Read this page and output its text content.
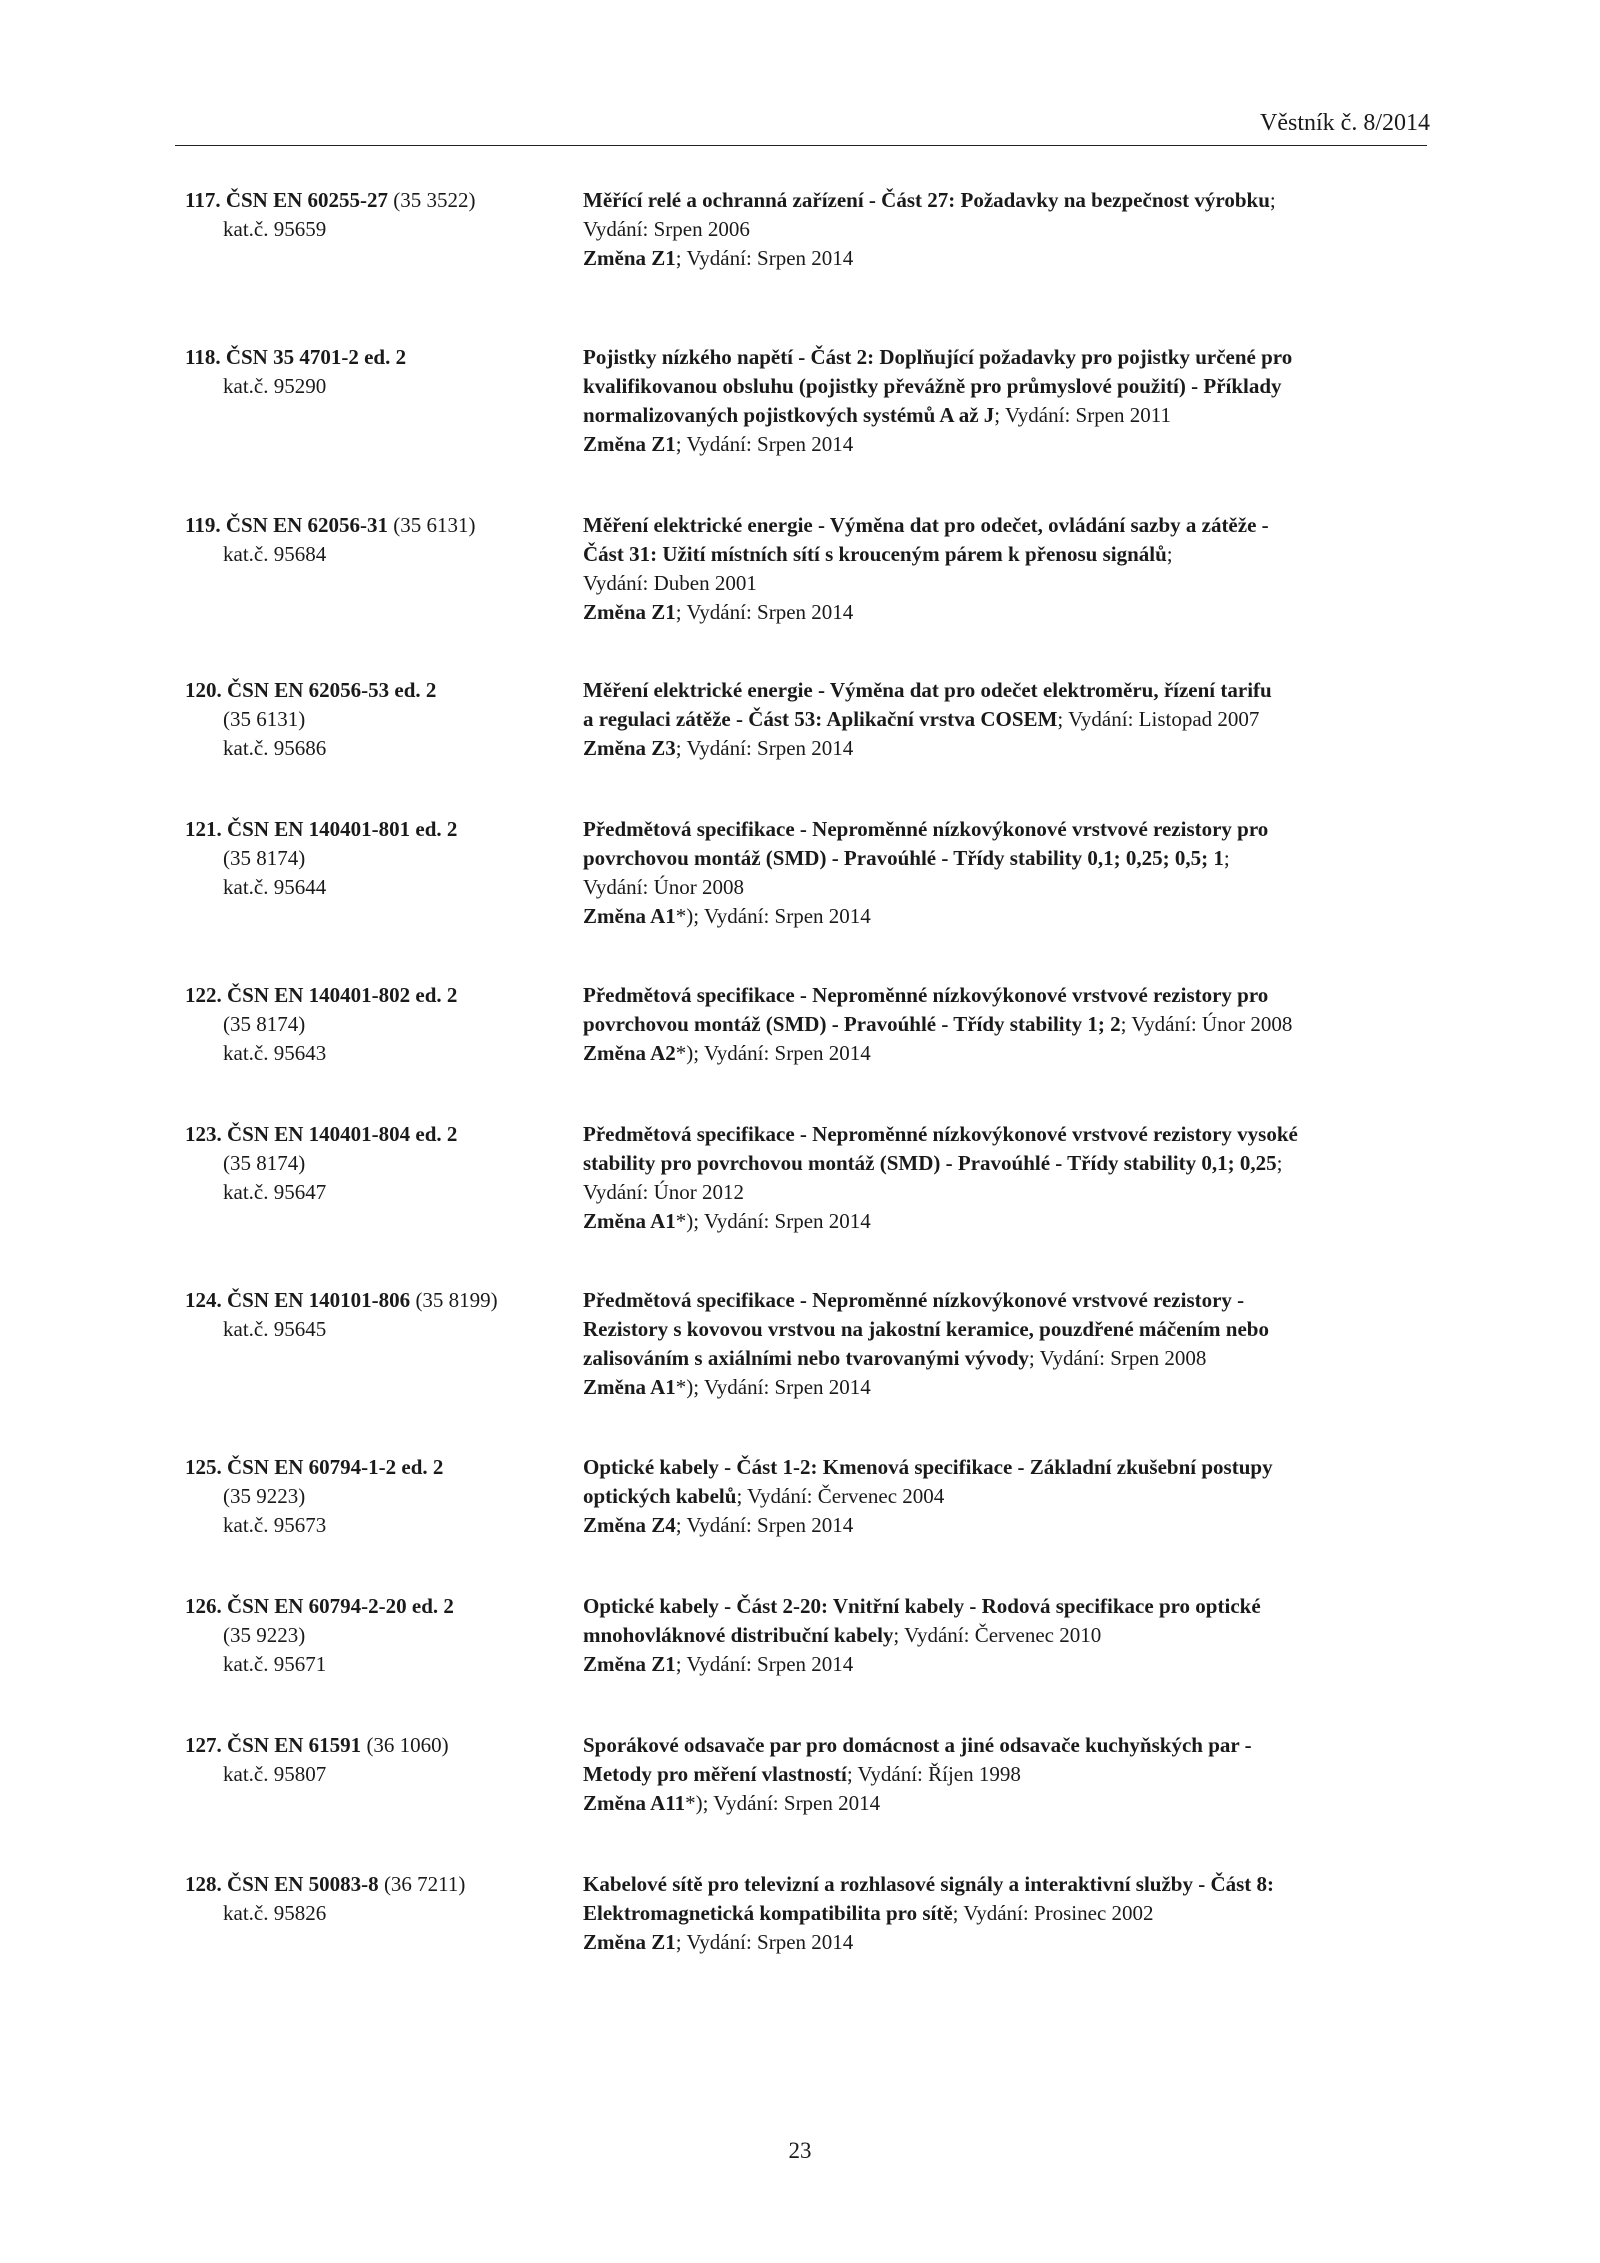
Věstník č. 8/2014
117. ČSN EN 60255-27 (35 3522)
kat.č. 95659
Měřící relé a ochranná zařízení - Část 27: Požadavky na bezpečnost výrobku;
Vydání: Srpen 2006
Změna Z1; Vydání: Srpen 2014
118. ČSN 35 4701-2 ed. 2
kat.č. 95290
Pojistky nízkého napětí - Část 2: Doplňující požadavky pro pojistky určené pro
kvalifikovanou obsluhu (pojistky převážně pro průmyslové použití) - Příklady
normalizovaných pojistkových systémů A až J; Vydání: Srpen 2011
Změna Z1; Vydání: Srpen 2014
119. ČSN EN 62056-31 (35 6131)
kat.č. 95684
Měření elektrické energie - Výměna dat pro odečet, ovládání sazby a zátěže -
Část 31: Užití místních sítí s krouceným párem k přenosu signálů;
Vydání: Duben 2001
Změna Z1; Vydání: Srpen 2014
120. ČSN EN 62056-53 ed. 2
(35 6131)
kat.č. 95686
Měření elektrické energie - Výměna dat pro odečet elektroměru, řízení tarifu
a regulaci zátěže - Část 53: Aplikační vrstva COSEM; Vydání: Listopad 2007
Změna Z3; Vydání: Srpen 2014
121. ČSN EN 140401-801 ed. 2
(35 8174)
kat.č. 95644
Předmětová specifikace - Neproměnné nízkovýkonové vrstvové rezistory pro
povrchovou montáž (SMD) - Pravoúhlé - Třídy stability 0,1; 0,25; 0,5; 1;
Vydání: Únor 2008
Změna A1*); Vydání: Srpen 2014
122. ČSN EN 140401-802 ed. 2
(35 8174)
kat.č. 95643
Předmětová specifikace - Neproměnné nízkovýkonové vrstvové rezistory pro
povrchovou montáž (SMD) - Pravoúhlé - Třídy stability 1; 2; Vydání: Únor 2008
Změna A2*); Vydání: Srpen 2014
123. ČSN EN 140401-804 ed. 2
(35 8174)
kat.č. 95647
Předmětová specifikace - Neproměnné nízkovýkonové vrstvové rezistory vysoké
stability pro povrchovou montáž (SMD) - Pravoúhlé - Třídy stability 0,1; 0,25;
Vydání: Únor 2012
Změna A1*); Vydání: Srpen 2014
124. ČSN EN 140101-806 (35 8199)
kat.č. 95645
Předmětová specifikace - Neproměnné nízkovýkonové vrstvové rezistory -
Rezistory s kovovou vrstvou na jakostní keramice, pouzdřené máčením nebo
zalisováním s axiálními nebo tvarovanými vývody; Vydání: Srpen 2008
Změna A1*); Vydání: Srpen 2014
125. ČSN EN 60794-1-2 ed. 2
(35 9223)
kat.č. 95673
Optické kabely - Část 1-2: Kmenová specifikace - Základní zkušební postupy
optických kabelů; Vydání: Červenec 2004
Změna Z4; Vydání: Srpen 2014
126. ČSN EN 60794-2-20 ed. 2
(35 9223)
kat.č. 95671
Optické kabely - Část 2-20: Vnitřní kabely - Rodová specifikace pro optické
mnohovláknové distribuční kabely; Vydání: Červenec 2010
Změna Z1; Vydání: Srpen 2014
127. ČSN EN 61591 (36 1060)
kat.č. 95807
Sporákové odsavače par pro domácnost a jiné odsavače kuchyňských par -
Metody pro měření vlastností; Vydání: Říjen 1998
Změna A11*); Vydání: Srpen 2014
128. ČSN EN 50083-8 (36 7211)
kat.č. 95826
Kabelové sítě pro televizní a rozhlasové signály a interaktivní služby - Část 8:
Elektromagnetická kompatibilita pro sítě; Vydání: Prosinec 2002
Změna Z1; Vydání: Srpen 2014
23
